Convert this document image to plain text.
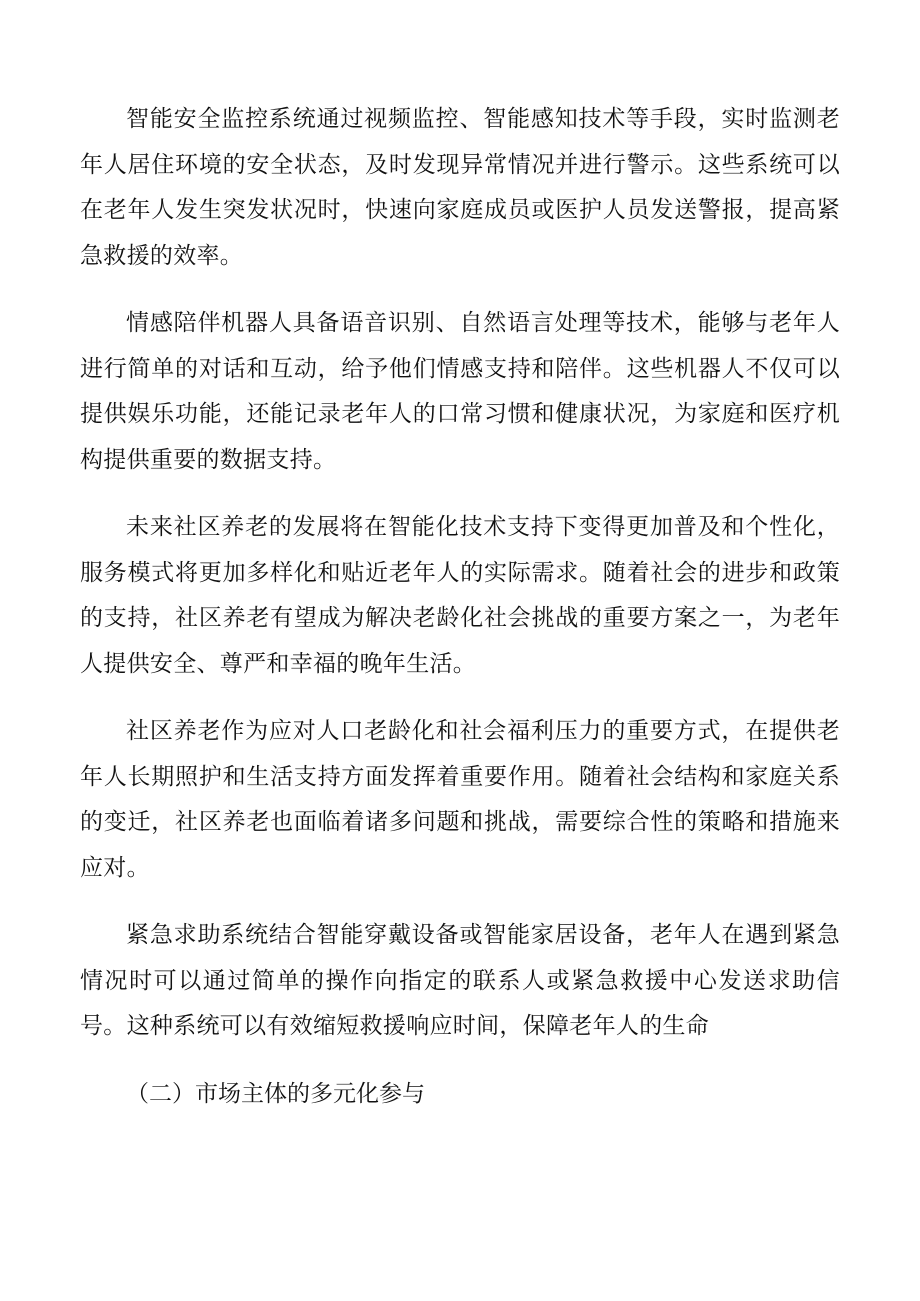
智能安全监控系统通过视频监控、智能感知技术等手段，实时监测老年人居住环境的安全状态，及时发现异常情况并进行警示。这些系统可以在老年人发生突发状况时，快速向家庭成员或医护人员发送警报，提高紧急救援的效率。

情感陪伴机器人具备语音识别、自然语言处理等技术，能够与老年人进行简单的对话和互动，给予他们情感支持和陪伴。这些机器人不仅可以提供娱乐功能，还能记录老年人的口常习惯和健康状况，为家庭和医疗机构提供重要的数据支持。

未来社区养老的发展将在智能化技术支持下变得更加普及和个性化，服务模式将更加多样化和贴近老年人的实际需求。随着社会的进步和政策的支持，社区养老有望成为解决老龄化社会挑战的重要方案之一，为老年人提供安全、尊严和幸福的晚年生活。

社区养老作为应对人口老龄化和社会福利压力的重要方式，在提供老年人长期照护和生活支持方面发挥着重要作用。随着社会结构和家庭关系的变迁，社区养老也面临着诸多问题和挑战，需要综合性的策略和措施来应对。

紧急求助系统结合智能穿戴设备或智能家居设备，老年人在遇到紧急情况时可以通过简单的操作向指定的联系人或紧急救援中心发送求助信号。这种系统可以有效缩短救援响应时间，保障老年人的生命

（二）市场主体的多元化参与
